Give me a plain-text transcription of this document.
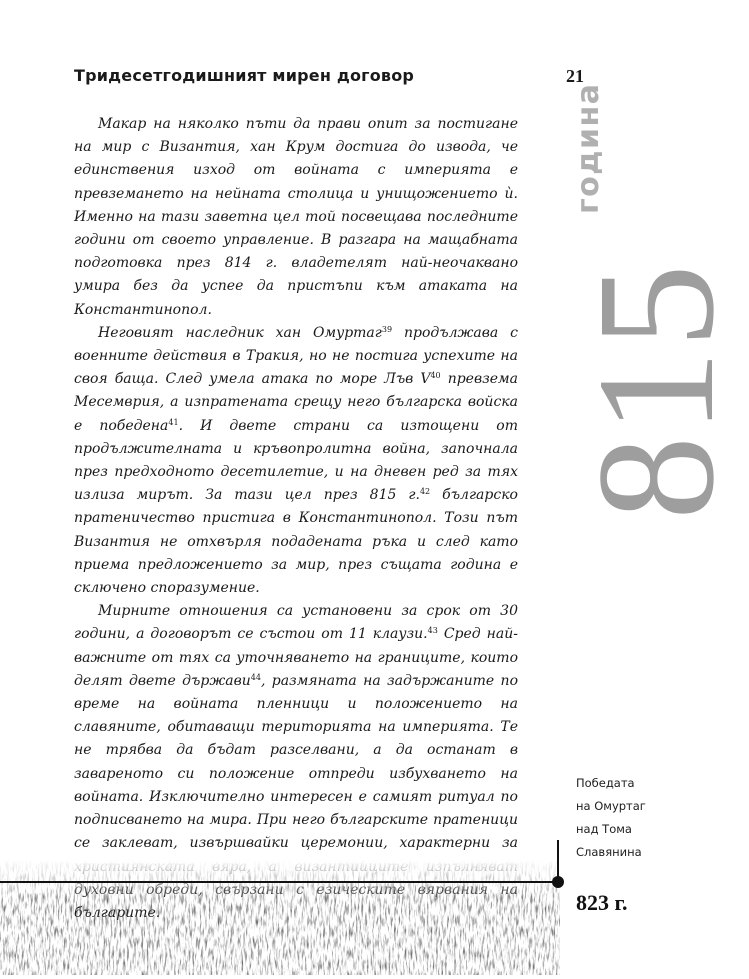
Тридесетгодишният мирен договор	21
815
година

Макар на няколко пъти да прави опит за постигане на мир с Византия, хан Крум достига до извода, че единствения изход от войната с империята е превземането на нейната столица и унищожението ѝ. Именно на тази заветна цел той посвещава последните години от своето управление. В разгара на мащабната подготовка през 814 г. владетелят най-неочаквано умира без да успее да пристъпи към атаката на Константинопол.

Неговият наследник хан Омуртаг$^{39}$ продължава с военните действия в Тракия, но не постига успехите на своя баща. След умела атака по море Лъв $V^{40}$ превзема Месемврия, а изпратената срещу него българска войска е победена$^{41}$. И двете страни са изтощени от продължителната и кръвопролитна война, започнала през предходното десетилетие, и на дневен ред за тях излиза мирът. За тази цел през 815 г.$^{42}$ българско пратеничество пристига в Константинопол. Този път Византия не отхвърля подадената ръка и след като приема предложението за мир, през същата година е сключено споразумение.

Мирните отношения са установени за срок от 30 години, а договорът се състои от 11 клаузи.$^{43}$ Сред най-важните от тях са уточняването на границите, които делят двете държави$^{44}$, размяната на задържаните по време на войната пленници и положението на славяните, обитаващи територията на империята. Те не трябва да бъдат разселвани, а да останат в завареното си положение отпреди избухването на войната. Изключително интересен е самият ритуал по подписването на мира. При него българските пратеници се заклеват, извършвайки церемонии, характерни за

Победата
на Омуртаг
над Тома
Славянина
823 г.
